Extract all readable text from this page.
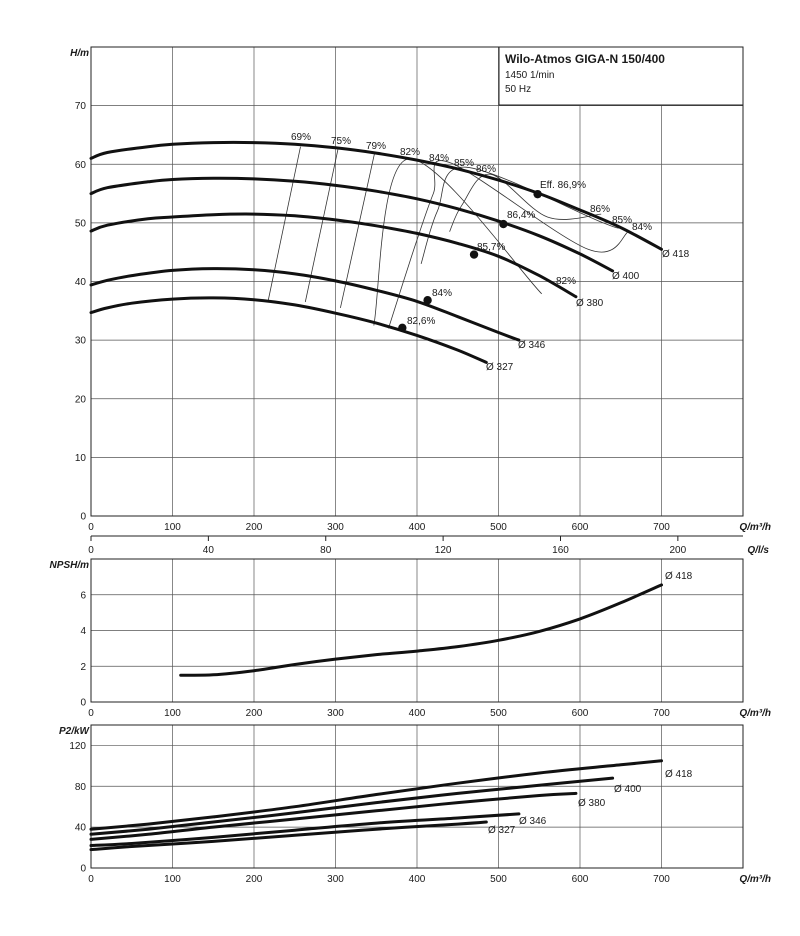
0	100	200	300	400	500	600	700
0
10
20
30
40
50
60
70
Q/m³/h
H/m
0	40	80	120	160	200	Q/l/s
Wilo-Atmos GIGA-N 150/400
1450 1/min
50 Hz
69% 75% 79%
82%
84% 85%
86%
86%
85%
84%
82%
84%
Eff. 86,9%
86,4%
85,7%
82,6%
Ø 418
Ø 400
Ø 380
Ø 346
Ø 327
0	100	200	300	400	500	600	700
0
2
4
6
Q/m³/h
NPSH/m
Ø 418
0	100	200	300	400	500	600	700
0
40
80
120
Q/m³/h
P2/kW
Ø 418
Ø 400
Ø 380
Ø 346
Ø 327
